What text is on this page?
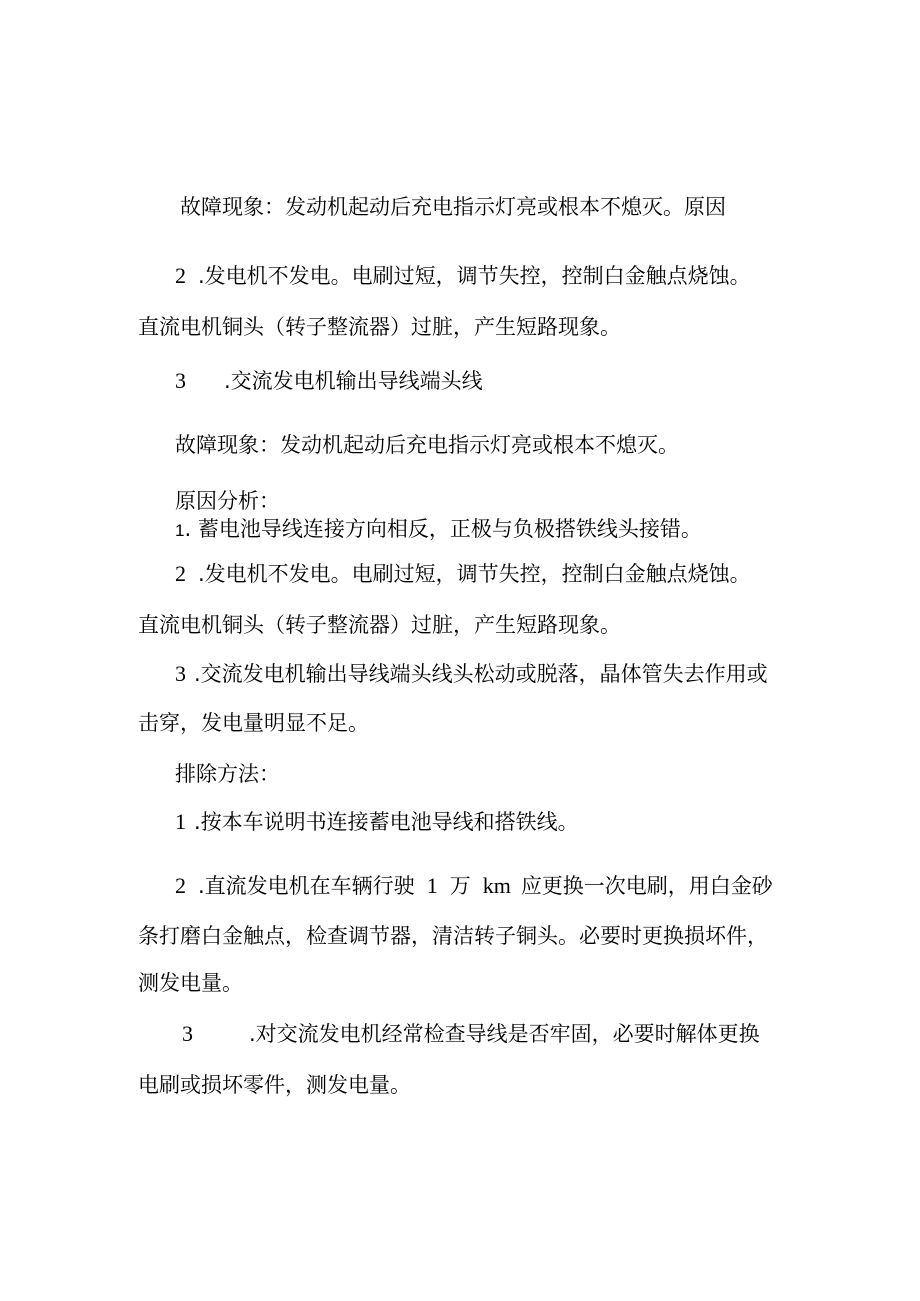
故障现象：发动机起动后充电指示灯亮或根本不熄灭。原因
2 .发电机不发电。电刷过短，调节失控，控制白金触点烧蚀。
直流电机铜头（转子整流器）过脏，产生短路现象。
3 .交流发电机输出导线端头线
故障现象：发动机起动后充电指示灯亮或根本不熄灭。
原因分析：
1. 蓄电池导线连接方向相反，正极与负极搭铁线头接错。
2 .发电机不发电。电刷过短，调节失控，控制白金触点烧蚀。
直流电机铜头（转子整流器）过脏，产生短路现象。
3 .交流发电机输出导线端头线头松动或脱落，晶体管失去作用或
击穿，发电量明显不足。
排除方法：
1 .按本车说明书连接蓄电池导线和搭铁线。
2 .直流发电机在车辆行驶 1 万 km 应更换一次电刷，用白金砂
条打磨白金触点，检查调节器，清洁转子铜头。必要时更换损坏件，
测发电量。
3	.对交流发电机经常检查导线是否牢固，必要时解体更换
电刷或损坏零件，测发电量。
